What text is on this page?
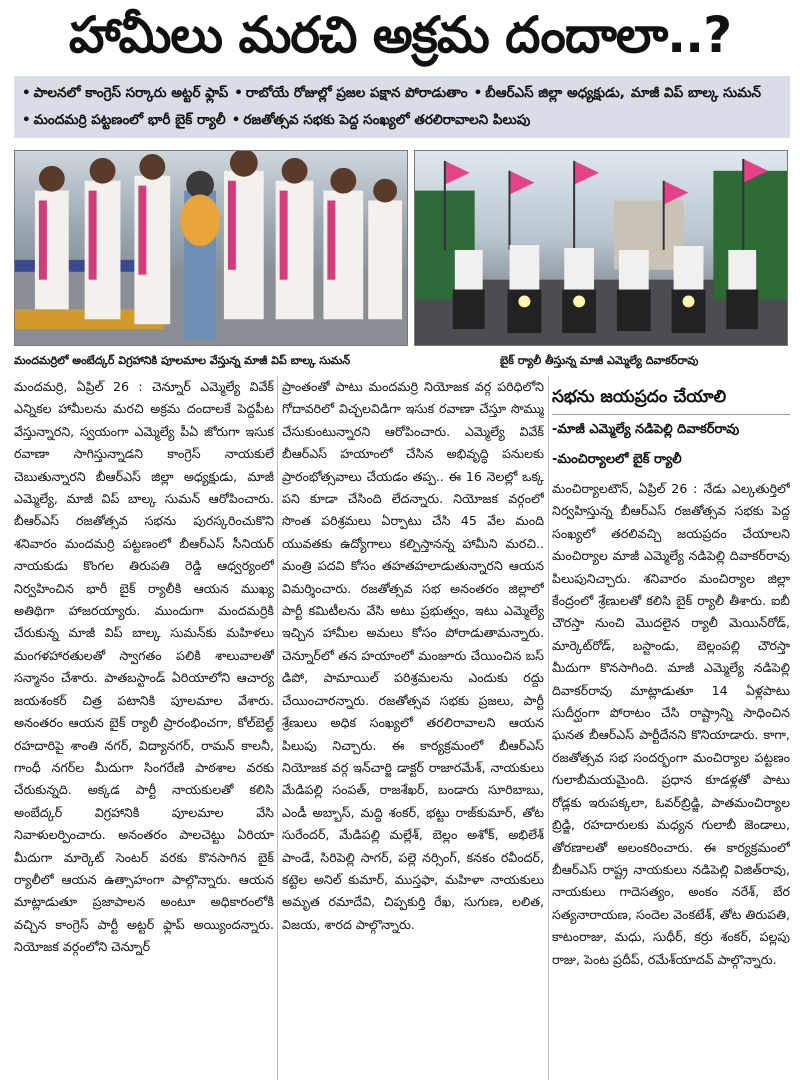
హామీలు మరచి అక్రమ దందాలా..?
• పాలనలో కాంగ్రెస్ సర్కారు అట్టర్ ఫ్లాప్ • రాబోయే రోజుల్లో ప్రజల పక్షాన పోరాడుతాం • బీఆర్ఎస్ జిల్లా అధ్యక్షుడు, మాజీ విప్ బాల్క సుమన్
• మందమర్రి పట్టణంలో భారీ బైక్ ర్యాలీ • రజతోత్సవ సభకు పెద్ద సంఖ్యలో తరలిరావాలని పిలుపు
మందమర్రిలో అంబేద్కర్ విగ్రహానికి పూలమాల వేస్తున్న మాజీ విప్ బాల్క సుమన్	బైక్ ర్యాలీ తీస్తున్న మాజీ ఎమ్మెల్యే దివాకర్‌రావు
మందమర్రి, ఏప్రిల్ 26 : చెన్నూర్ ఎమ్మెల్యే వివేక్ ఎన్నికల హామీలను మరచి అక్రమ దందాలకే పెద్దపీట వేస్తున్నారని, స్వయంగా ఎమ్మెల్యే పీఏ జోరుగా ఇసుక రవాణా సాగిస్తున్నాడని కాంగ్రెస్ నాయకులే చెబుతున్నారని బీఆర్ఎస్ జిల్లా అధ్యక్షుడు, మాజీ ఎమ్మెల్యే, మాజీ విప్ బాల్క సుమన్ ఆరోపించారు. బీఆర్ఎస్ రజతోత్సవ సభను పురస్కరించుకొని శనివారం మందమర్రి పట్టణంలో బీఆర్ఎస్ సీనియర్ నాయకుడు కొంగల తిరుపతి రెడ్డి ఆధ్వర్యంలో నిర్వహించిన భారీ బైక్ ర్యాలీకి ఆయన ముఖ్య అతిథిగా హాజరయ్యారు. ముందుగా మందమర్రికి చేరుకున్న మాజీ విప్ బాల్క సుమన్‌కు మహిళలు మంగళహారతులతో స్వాగతం పలికి శాలువాలతో సన్మానం చేశారు. పాతబస్టాండ్ ఏరియాలోని ఆచార్య జయశంకర్ చిత్ర పటానికి పూలమాల వేశారు. అనంతరం ఆయన బైక్ ర్యాలీ ప్రారంభించగా, కోల్‌బెల్ట్ రహదారిపై శాంతి నగర్, విద్యానగర్, రామన్ కాలనీ, గాంధీ నగర్‌ల మీదుగా సింగరేణి పాఠశాల వరకు చేరుకున్నది. అక్కడ పార్టీ నాయకులతో కలిసి అంబేద్కర్ విగ్రహానికి పూలమాల వేసి నివాళులర్పించారు. అనంతరం పాలచెట్టు ఏరియా మీదుగా మార్కెట్ సెంటర్ వరకు కొనసాగిన బైక్ ర్యాలీలో ఆయన ఉత్సాహంగా పాల్గొన్నారు. ఆయన మాట్లాడుతూ ప్రజాపాలన అంటూ అధికారంలోకి వచ్చిన కాంగ్రెస్ పార్టీ అట్టర్ ఫ్లాప్ అయ్యిందన్నారు. నియోజక వర్గంలోని చెన్నూర్
ప్రాంతంతో పాటు మందమర్రి నియోజక వర్గ పరిధిలోని గోదావరిలో విచ్చలవిడిగా ఇసుక రవాణా చేస్తూ సొమ్ము చేసుకుంటున్నారని ఆరోపించారు. ఎమ్మెల్యే వివేక్ బీఆర్ఎస్ హయాంలో చేసిన అభివృద్ధి పనులకు ప్రారంభోత్సవాలు చేయడం తప్ప.. ఈ 16 నెలల్లో ఒక్క పని కూడా చేసింది లేదన్నారు. నియోజక వర్గంలో సొంత పరిశ్రమలు ఏర్పాటు చేసి 45 వేల మంది యువతకు ఉద్యోగాలు కల్పిస్తానన్న హామీని మరచి.. మంత్రి పదవి కోసం తహతహలాడుతున్నారని ఆయన విమర్శించారు. రజతోత్సవ సభ అనంతరం జిల్లాలో పార్టీ కమిటీలను వేసి అటు ప్రభుత్వం, ఇటు ఎమ్మెల్యే ఇచ్చిన హామీల అమలు కోసం పోరాడుతామన్నారు. చెన్నూర్‌లో తన హయాంలో మంజూరు చేయించిన బస్ డిపో, పామాయిల్ పరిశ్రమలను ఎందుకు రద్దు చేయించారన్నారు. రజతోత్సవ సభకు ప్రజలు, పార్టీ శ్రేణులు అధిక సంఖ్యలో తరలిరావాలని ఆయన పిలుపు నిచ్చారు. ఈ కార్యక్రమంలో బీఆర్ఎస్ నియోజక వర్గ ఇన్‌చార్జి డాక్టర్ రాజారమేశ్, నాయకులు మేడిపల్లి సంపత్, రాజశేఖర్, బండారు సూరిబాబు, ఎండీ అబ్బాస్, మద్ది శంకర్, భట్టు రాజ్‌కుమార్, తోట సురేందర్, మేడిపల్లి మల్లేశ్, బెల్లం అశోక్, అభిలేశ్ పాండే, సిరిపెల్లి సాగర్, పల్లె నర్సింగ్, కనకం రవీందర్, కట్టెల అనిల్ కుమార్, ముస్తఫా, మహిళా నాయకులు అమృత రమాదేవి, చిప్పకుర్తి రేఖ, సుగుణ, లలిత, విజయ, శారద పాల్గొన్నారు.
సభను జయప్రదం చేయాలి
-మాజీ ఎమ్మెల్యే నడిపెల్లి దివాకర్‌రావు
-మంచిర్యాలలో బైక్ ర్యాలీ
మంచిర్యాలటౌన్, ఏప్రిల్ 26 : నేడు ఎల్కతుర్తిలో నిర్వహిస్తున్న బీఆర్ఎస్ రజతోత్సవ సభకు పెద్ద సంఖ్యలో తరలివచ్చి జయప్రదం చేయాలని మంచిర్యాల మాజీ ఎమ్మెల్యే నడిపెల్లి దివాకర్‌రావు పిలుపునిచ్చారు. శనివారం మంచిర్యాల జిల్లా కేంద్రంలో శ్రేణులతో కలిసి బైక్ ర్యాలీ తీశారు. ఐబీ చౌరస్తా నుంచి మొదలైన ర్యాలీ మెయిన్‌రోడ్, మార్కెట్‌రోడ్, బస్టాండు, బెల్లంపల్లి చౌరస్తా మీదుగా కొనసాగింది. మాజీ ఎమ్మెల్యే నడిపెల్లి దివాకర్‌రావు మాట్లాడుతూ 14 ఏళ్లపాటు సుదీర్ఘంగా పోరాటం చేసి రాష్ట్రాన్ని సాధించిన ఘనత బీఆర్ఎస్ పార్టీదేనని కొనియాడారు. కాగా, రజతోత్సవ సభ సందర్భంగా మంచిర్యాల పట్టణం గులాబీమయమైంది. ప్రధాన కూడళ్లతో పాటు రోడ్లకు ఇరుపక్కలా, ఓవర్‌బ్రిడ్జి, పాతమంచిర్యాల బ్రిడ్జి, రహదారులకు మధ్యన గులాబీ జెండాలు, తోరణాలతో అలంకరించారు. ఈ కార్యక్రమంలో బీఆర్ఎస్ రాష్ట్ర నాయకులు నడిపెల్లి విజిత్‌రావు, నాయకులు గాదెసత్యం, అంకం నరేశ్, బేర సత్యనారాయణ, సందెల వెంకటేశ్, తోట తిరుపతి, కాటంరాజు, మధు, సుధీర్, కర్రు శంకర్, పల్లపు రాజు, పెంట ప్రదీప్, రమేశ్‌యాదవ్ పాల్గొన్నారు.
